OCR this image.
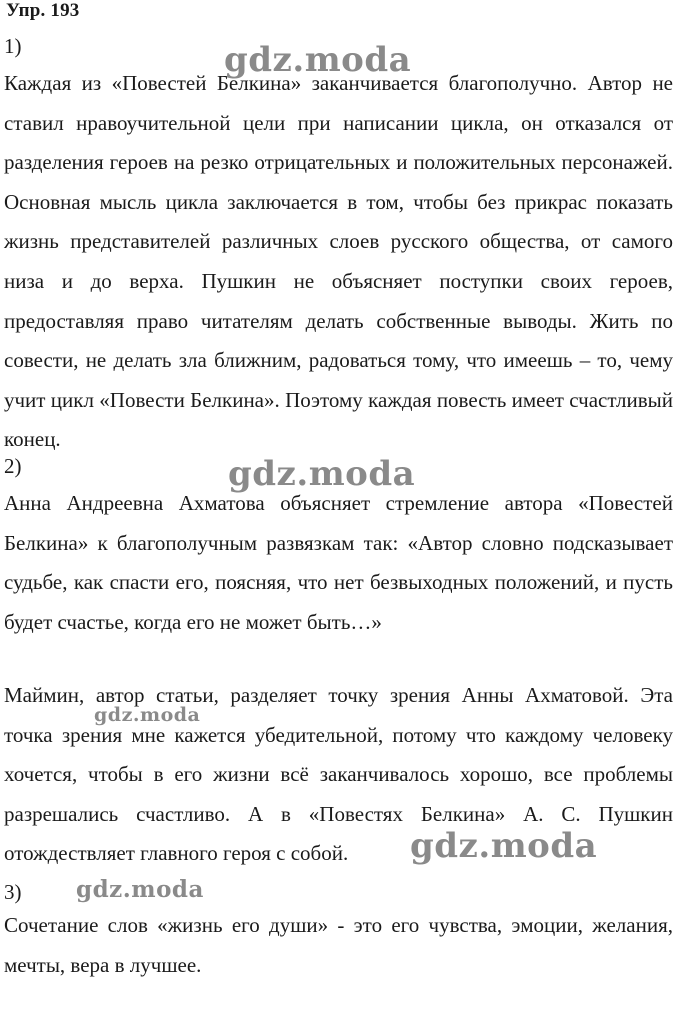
Упр. 193
1)	gdz.moda
Каждая из «Повестей Белкина» заканчивается благополучно. Автор не ставил нравоучительной цели при написании цикла, он отказался от разделения героев на резко отрицательных и положительных персонажей. Основная мысль цикла заключается в том, чтобы без прикрас показать жизнь представителей различных слоев русского общества, от самого низа и до верха. Пушкин не объясняет поступки своих героев, предоставляя право читателям делать собственные выводы. Жить по совести, не делать зла ближним, радоваться тому, что имеешь – то, чему учит цикл «Повести Белкина». Поэтому каждая повесть имеет счастливый конец.
2)	gdz.moda
Анна Андреевна Ахматова объясняет стремление автора «Повестей Белкина» к благополучным развязкам так: «Автор словно подсказывает судьбе, как спасти его, поясняя, что нет безвыходных положений, и пусть будет счастье, когда его не может быть…»
Маймин, автор статьи, разделяет точку зрения Анны Ахматовой. Эта точка зрения мне кажется убедительной, потому что каждому человеку хочется, чтобы в его жизни всё заканчивалось хорошо, все проблемы разрешались счастливо. А в «Повестях Белкина» А. С. Пушкин отождествляет главного героя с собой.
gdz.moda
gdz.moda
3) gdz.moda
Сочетание слов «жизнь его души» - это его чувства, эмоции, желания, мечты, вера в лучшее.
